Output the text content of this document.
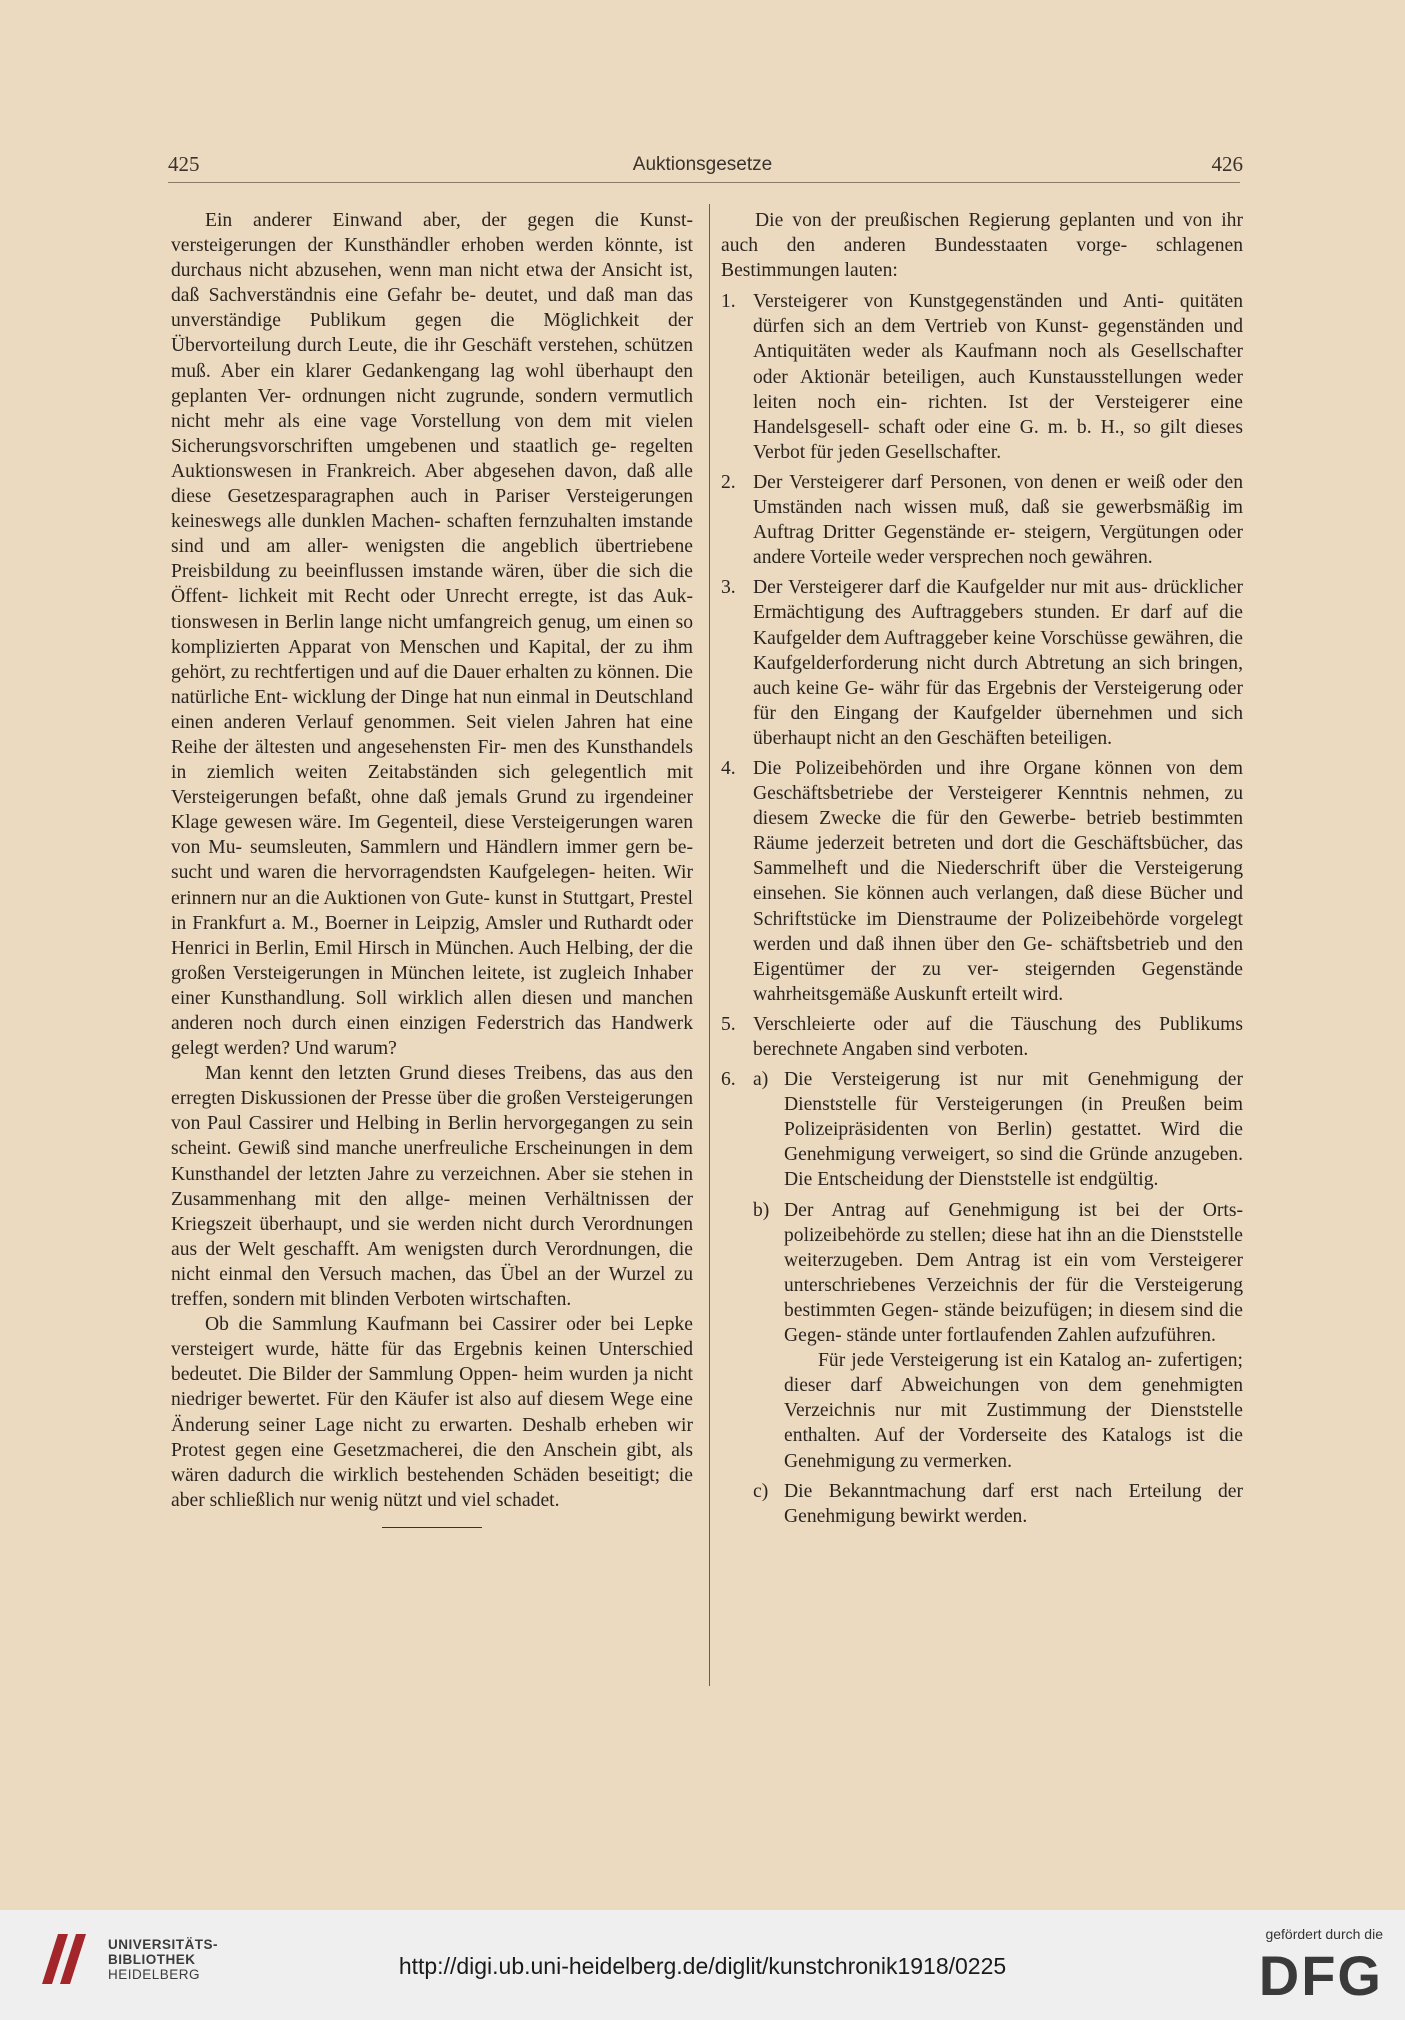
425	Auktionsgesetze	426

Ein anderer Einwand aber, der gegen die Kunst- versteigerungen der Kunsthändler erhoben werden könnte, ist durchaus nicht abzusehen, wenn man nicht etwa der Ansicht ist, daß Sachverständnis eine Gefahr be- deutet, und daß man das unverständige Publikum gegen die Möglichkeit der Übervorteilung durch Leute, die ihr Geschäft verstehen, schützen muß. Aber ein klarer Gedankengang lag wohl überhaupt den geplanten Ver- ordnungen nicht zugrunde, sondern vermutlich nicht mehr als eine vage Vorstellung von dem mit vielen Sicherungsvorschriften umgebenen und staatlich ge- regelten Auktionswesen in Frankreich. Aber abgesehen davon, daß alle diese Gesetzesparagraphen auch in Pariser Versteigerungen keineswegs alle dunklen Machen- schaften fernzuhalten imstande sind und am aller- wenigsten die angeblich übertriebene Preisbildung zu beeinflussen imstande wären, über die sich die Öffent- lichkeit mit Recht oder Unrecht erregte, ist das Auk- tionswesen in Berlin lange nicht umfangreich genug, um einen so komplizierten Apparat von Menschen und Kapital, der zu ihm gehört, zu rechtfertigen und auf die Dauer erhalten zu können. Die natürliche Ent- wicklung der Dinge hat nun einmal in Deutschland einen anderen Verlauf genommen. Seit vielen Jahren hat eine Reihe der ältesten und angesehensten Fir- men des Kunsthandels in ziemlich weiten Zeitabständen sich gelegentlich mit Versteigerungen befaßt, ohne daß jemals Grund zu irgendeiner Klage gewesen wäre. Im Gegenteil, diese Versteigerungen waren von Mu- seumsleuten, Sammlern und Händlern immer gern be- sucht und waren die hervorragendsten Kaufgelegen- heiten. Wir erinnern nur an die Auktionen von Gute- kunst in Stuttgart, Prestel in Frankfurt a. M., Boerner in Leipzig, Amsler und Ruthardt oder Henrici in Berlin, Emil Hirsch in München. Auch Helbing, der die großen Versteigerungen in München leitete, ist zugleich Inhaber einer Kunsthandlung. Soll wirklich allen diesen und manchen anderen noch durch einen einzigen Federstrich das Handwerk gelegt werden? Und warum?

Man kennt den letzten Grund dieses Treibens, das aus den erregten Diskussionen der Presse über die großen Versteigerungen von Paul Cassirer und Helbing in Berlin hervorgegangen zu sein scheint. Gewiß sind manche unerfreuliche Erscheinungen in dem Kunsthandel der letzten Jahre zu verzeichnen. Aber sie stehen in Zusammenhang mit den allge- meinen Verhältnissen der Kriegszeit überhaupt, und sie werden nicht durch Verordnungen aus der Welt geschafft. Am wenigsten durch Verordnungen, die nicht einmal den Versuch machen, das Übel an der Wurzel zu treffen, sondern mit blinden Verboten wirtschaften.

Ob die Sammlung Kaufmann bei Cassirer oder bei Lepke versteigert wurde, hätte für das Ergebnis keinen Unterschied bedeutet. Die Bilder der Sammlung Oppen- heim wurden ja nicht niedriger bewertet. Für den Käufer ist also auf diesem Wege eine Änderung seiner Lage nicht zu erwarten. Deshalb erheben wir Protest gegen eine Gesetzmacherei, die den Anschein gibt, als wären dadurch die wirklich bestehenden Schäden beseitigt; die aber schließlich nur wenig nützt und viel schadet.

Die von der preußischen Regierung geplanten und von ihr auch den anderen Bundesstaaten vorge- schlagenen Bestimmungen lauten:

1. Versteigerer von Kunstgegenständen und Anti- quitäten dürfen sich an dem Vertrieb von Kunst- gegenständen und Antiquitäten weder als Kaufmann noch als Gesellschafter oder Aktionär beteiligen, auch Kunstausstellungen weder leiten noch ein- richten. Ist der Versteigerer eine Handelsgesell- schaft oder eine G. m. b. H., so gilt dieses Verbot für jeden Gesellschafter.

2. Der Versteigerer darf Personen, von denen er weiß oder den Umständen nach wissen muß, daß sie gewerbsmäßig im Auftrag Dritter Gegenstände er- steigern, Vergütungen oder andere Vorteile weder versprechen noch gewähren.

3. Der Versteigerer darf die Kaufgelder nur mit aus- drücklicher Ermächtigung des Auftraggebers stunden. Er darf auf die Kaufgelder dem Auftraggeber keine Vorschüsse gewähren, die Kaufgelderforderung nicht durch Abtretung an sich bringen, auch keine Ge- währ für das Ergebnis der Versteigerung oder für den Eingang der Kaufgelder übernehmen und sich überhaupt nicht an den Geschäften beteiligen.

4. Die Polizeibehörden und ihre Organe können von dem Geschäftsbetriebe der Versteigerer Kenntnis nehmen, zu diesem Zwecke die für den Gewerbe- betrieb bestimmten Räume jederzeit betreten und dort die Geschäftsbücher, das Sammelheft und die Niederschrift über die Versteigerung einsehen. Sie können auch verlangen, daß diese Bücher und Schriftstücke im Dienstraume der Polizeibehörde vorgelegt werden und daß ihnen über den Ge- schäftsbetrieb und den Eigentümer der zu ver- steigernden Gegenstände wahrheitsgemäße Auskunft erteilt wird.

5. Verschleierte oder auf die Täuschung des Publikums berechnete Angaben sind verboten.

6. a) Die Versteigerung ist nur mit Genehmigung der Dienststelle für Versteigerungen (in Preußen beim Polizeipräsidenten von Berlin) gestattet. Wird die Genehmigung verweigert, so sind die Gründe anzugeben. Die Entscheidung der Dienststelle ist endgültig.

b) Der Antrag auf Genehmigung ist bei der Orts- polizeibehörde zu stellen; diese hat ihn an die Dienststelle weiterzugeben. Dem Antrag ist ein vom Versteigerer unterschriebenes Verzeichnis der für die Versteigerung bestimmten Gegen- stände beizufügen; in diesem sind die Gegen- stände unter fortlaufenden Zahlen aufzuführen.

Für jede Versteigerung ist ein Katalog an- zufertigen; dieser darf Abweichungen von dem genehmigten Verzeichnis nur mit Zustimmung der Dienststelle enthalten. Auf der Vorderseite des Katalogs ist die Genehmigung zu vermerken.

c) Die Bekanntmachung darf erst nach Erteilung der Genehmigung bewirkt werden.

UNIVERSITÄTS-
BIBLIOTHEK
HEIDELBERG	http://digi.ub.uni-heidelberg.de/diglit/kunstchronik1918/0225
gefördert durch die
DFG
